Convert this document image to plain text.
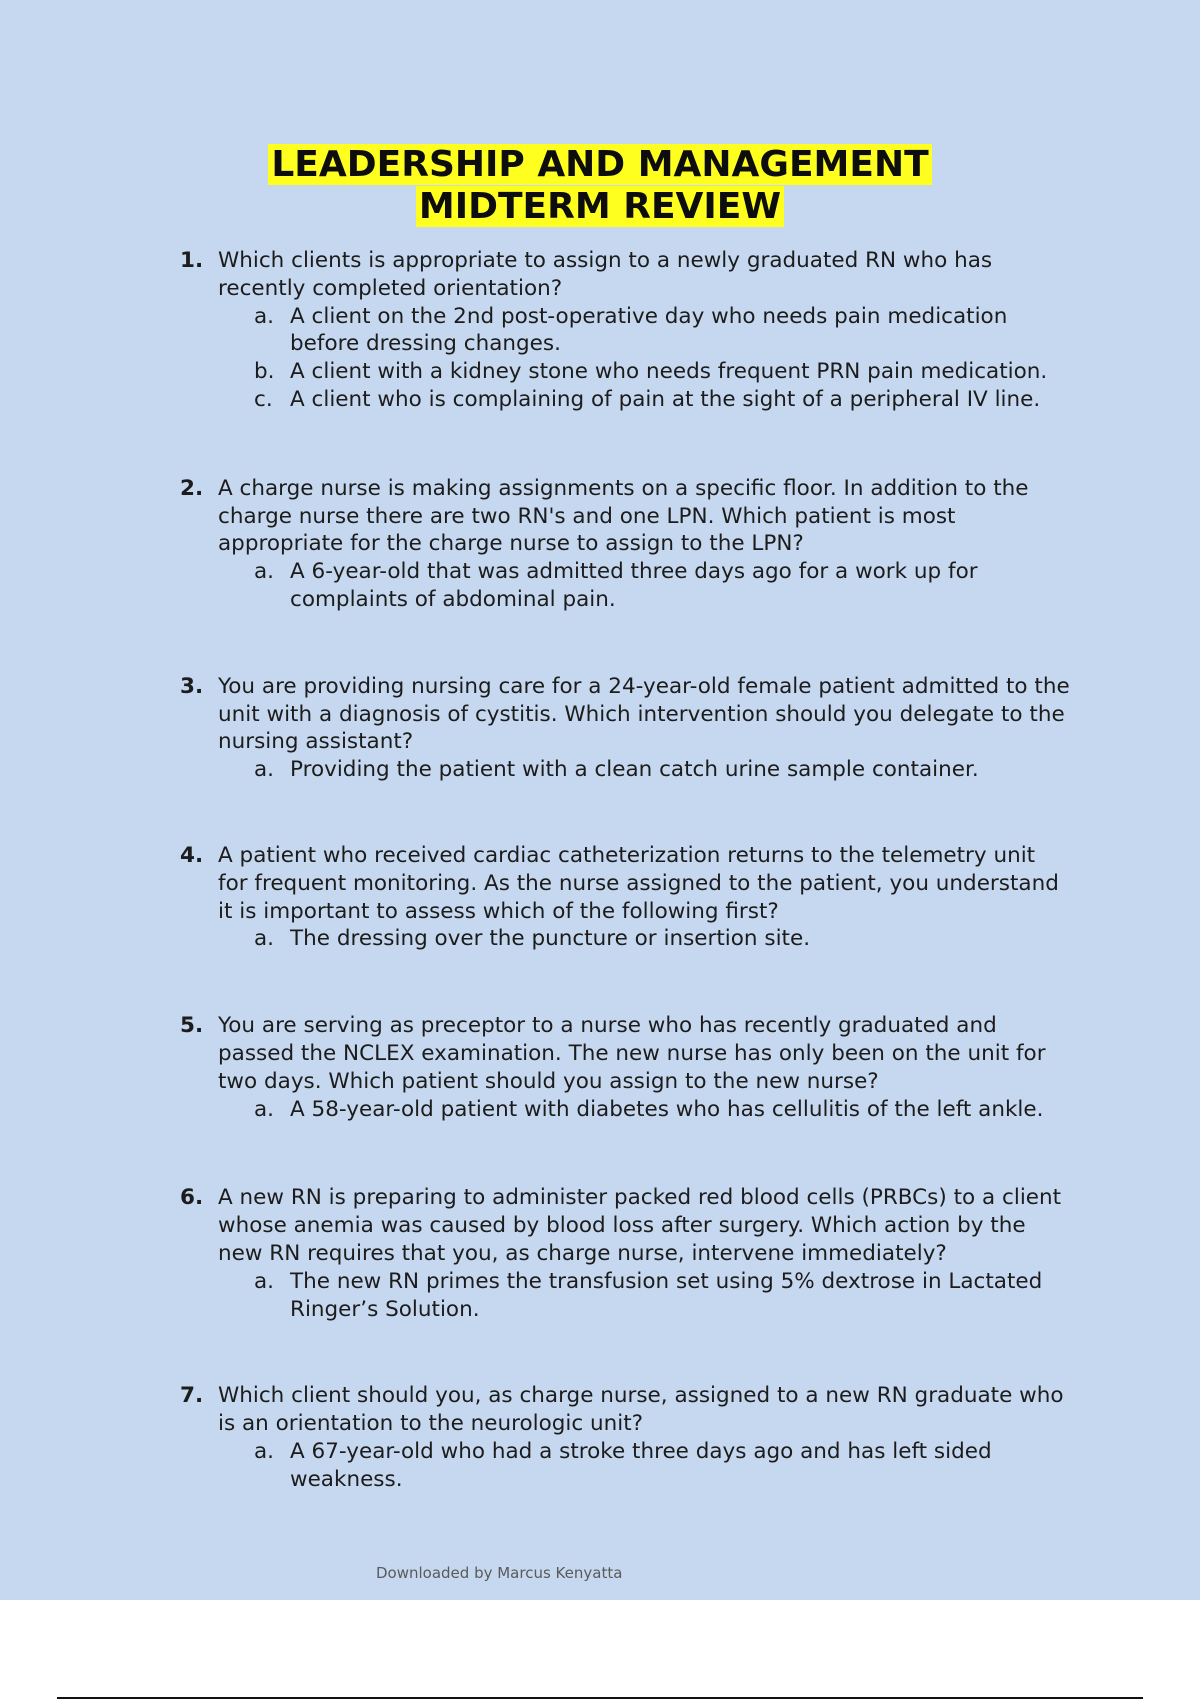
LEADERSHIP AND MANAGEMENT
MIDTERM REVIEW
1. Which clients is appropriate to assign to a newly graduated RN who has recently completed orientation?
a. A client on the 2nd post-operative day who needs pain medication before dressing changes.
b. A client with a kidney stone who needs frequent PRN pain medication.
c. A client who is complaining of pain at the sight of a peripheral IV line.
2. A charge nurse is making assignments on a specific floor. In addition to the charge nurse there are two RN's and one LPN. Which patient is most appropriate for the charge nurse to assign to the LPN?
a. A 6-year-old that was admitted three days ago for a work up for complaints of abdominal pain.
3. You are providing nursing care for a 24-year-old female patient admitted to the unit with a diagnosis of cystitis. Which intervention should you delegate to the nursing assistant?
a. Providing the patient with a clean catch urine sample container.
4. A patient who received cardiac catheterization returns to the telemetry unit for frequent monitoring. As the nurse assigned to the patient, you understand it is important to assess which of the following first?
a. The dressing over the puncture or insertion site.
5. You are serving as preceptor to a nurse who has recently graduated and passed the NCLEX examination. The new nurse has only been on the unit for two days. Which patient should you assign to the new nurse?
a. A 58-year-old patient with diabetes who has cellulitis of the left ankle.
6. A new RN is preparing to administer packed red blood cells (PRBCs) to a client whose anemia was caused by blood loss after surgery. Which action by the new RN requires that you, as charge nurse, intervene immediately?
a. The new RN primes the transfusion set using 5% dextrose in Lactated Ringer’s Solution.
7. Which client should you, as charge nurse, assigned to a new RN graduate who is an orientation to the neurologic unit?
a. A 67-year-old who had a stroke three days ago and has left sided weakness.
Downloaded by Marcus Kenyatta
